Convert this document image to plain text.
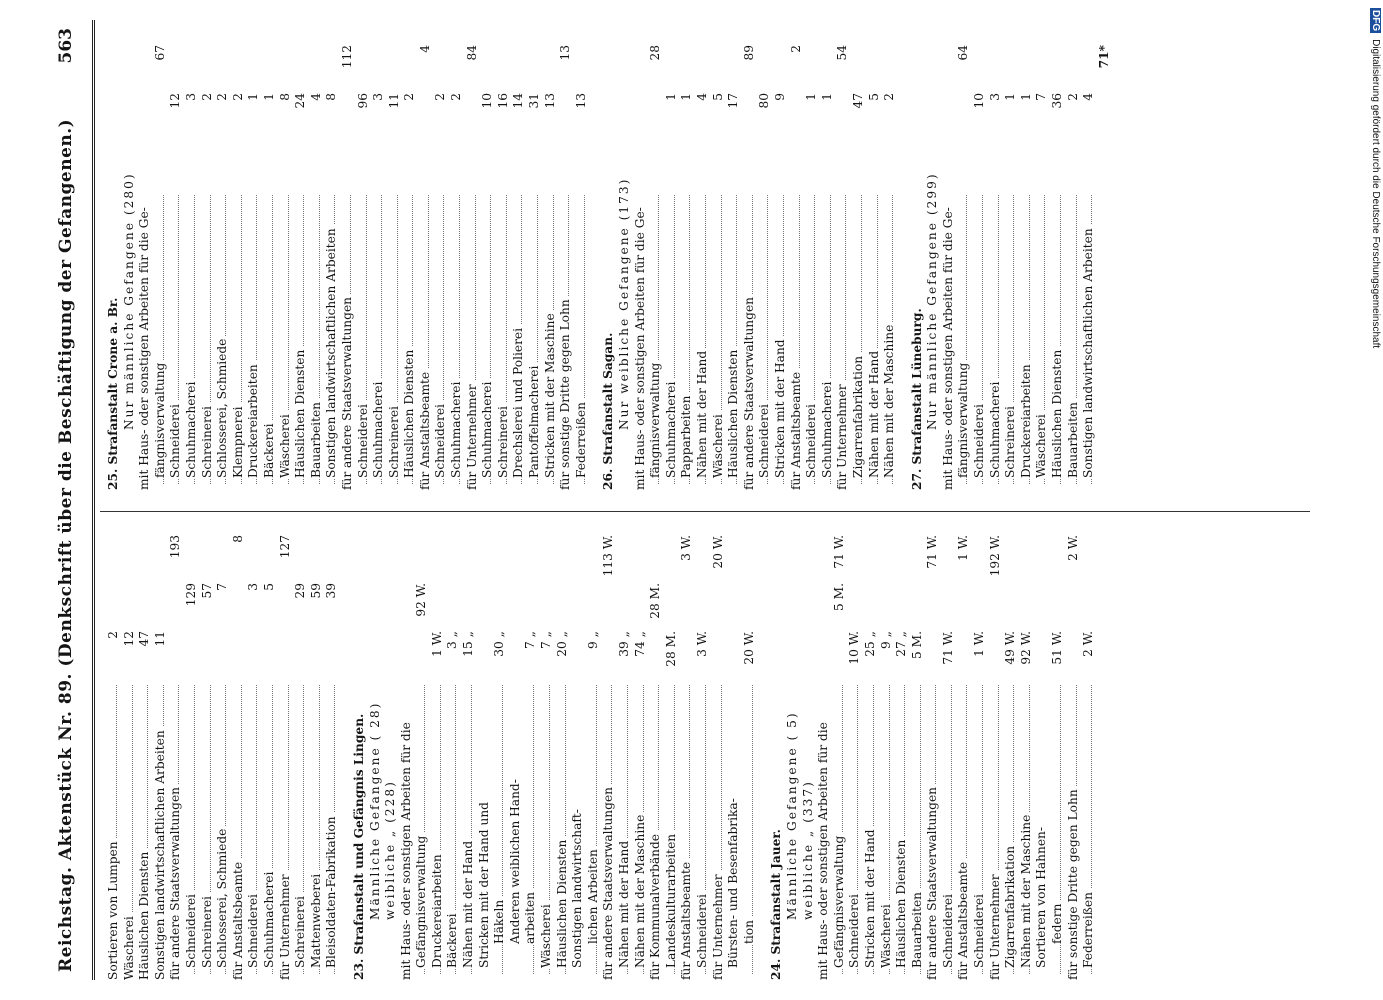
Reichstag. Aktenstück Nr. 89. (Denkschrift über die Beschäftigung der Gefangenen.)
563
Sortieren von Lumpen
2
Wäscherei
12
Häuslichen Diensten
47
Sonstigen landwirtschaftlichen Arbeiten
11
für andere Staatsverwaltungen
193
Schneiderei
129
Schreinerei
57
Schlosserei, Schmiede
7
für Anstaltsbeamte
8
Schneiderei
3
Schuhmacherei
5
für Unternehmer
127
Schreinerei
29
Mattenweberei
59
Bleisoldaten-Fabrikation
39
23. Strafanstalt und Gefängnis Lingen. Männliche Gefangene ( 28) weibliche „ (228) mit Haus- oder sonstigen Arbeiten für die Gefängnisverwaltung
92 W.
Druckereiarbeiten
1 W.
Bäckerei
3 „
Nähen mit der Hand
15 „
Stricken mit der Hand und Häkeln
30 „
Anderen weiblichen Hand- arbeiten
7 „
Wäscherei
7 „
Häuslichen Diensten
20 „
Sonstigen landwirtschaft- lichen Arbeiten
9 „
für andere Staatsverwaltungen
113 W.
Nähen mit der Hand
39 „
Nähen mit der Maschine
74 „
für Kommunalverbände
28 M.
Landeskulturarbeiten
28 M.
für Anstaltsbeamte
3 W.
Schneiderei
3 W.
für Unternehmer
20 W.
Bürsten- und Besenfabrika- tion
20 W.
24. Strafanstalt Jauer. Männliche Gefangene ( 5) weibliche „ (337) mit Haus- oder sonstigen Arbeiten für die Gefängnisverwaltung
5 M.
71 W.
Schneiderei
10 W.
Stricken mit der Hand
25 „
Wäscherei
9 „
Häuslichen Diensten
27 „
Bauarbeiten
5 M.
für andere Staatsverwaltungen
71 W.
Schneiderei
71 W.
für Anstaltsbeamte
1 W.
Schneiderei
1 W.
für Unternehmer
192 W.
Zigarrenfabrikation
49 W.
Nähen mit der Maschine
92 W.
Sortieren von Hahnen- federn
51 W.
für sonstige Dritte gegen Lohn
2 W.
Federreißen
2 W.
25. Strafanstalt Crone a. Br. Nur männliche Gefangene (280) mit Haus- oder sonstigen Arbeiten für die Ge- fängnisverwaltung
67
Schneiderei
12
Schuhmacherei
3
Schreinerei
2
Schlosserei, Schmiede
2
Klempnerei
2
Druckereiarbeiten
1
Bäckerei
1
Wäscherei
8
Häuslichen Diensten
24
Bauarbeiten
4
Sonstigen landwirtschaftlichen Arbeiten
8
für andere Staatsverwaltungen
112
Schneiderei
96
Schuhmacherei
3
Schreinerei
11
Häuslichen Diensten
2
für Anstaltsbeamte
4
Schneiderei
2
Schuhmacherei
2
für Unternehmer
84
Schuhmacherei
10
Schreinerei
16
Drechslerei und Polierei
14
Pantoffelmacherei
31
Stricken mit der Maschine
13
für sonstige Dritte gegen Lohn
13
Federreißen
13
26. Strafanstalt Sagan. Nur weibliche Gefangene (173) mit Haus- oder sonstigen Arbeiten für die Ge- fängnisverwaltung
28
Schuhmacherei
1
Papparbeiten
1
Nähen mit der Hand
4
Wäscherei
5
Häuslichen Diensten
17
für andere Staatsverwaltungen
89
Schneiderei
80
Stricken mit der Hand
9
für Anstaltsbeamte
2
Schneiderei
1
Schuhmacherei
1
für Unternehmer
54
Zigarrenfabrikation
47
Nähen mit der Hand
5
Nähen mit der Maschine
2
27. Strafanstalt Lüneburg. Nur männliche Gefangene (299) mit Haus- oder sonstigen Arbeiten für die Ge- fängnisverwaltung
64
Schneiderei
10
Schuhmacherei
3
Schreinerei
1
Druckereiarbeiten
1
Wäscherei
7
Häuslichen Diensten
36
Bauarbeiten
2
Sonstigen landwirtschaftlichen Arbeiten
4
71*
DFGDigitalisierung gefördert durch die Deutsche Forschungsgemeinschaft
